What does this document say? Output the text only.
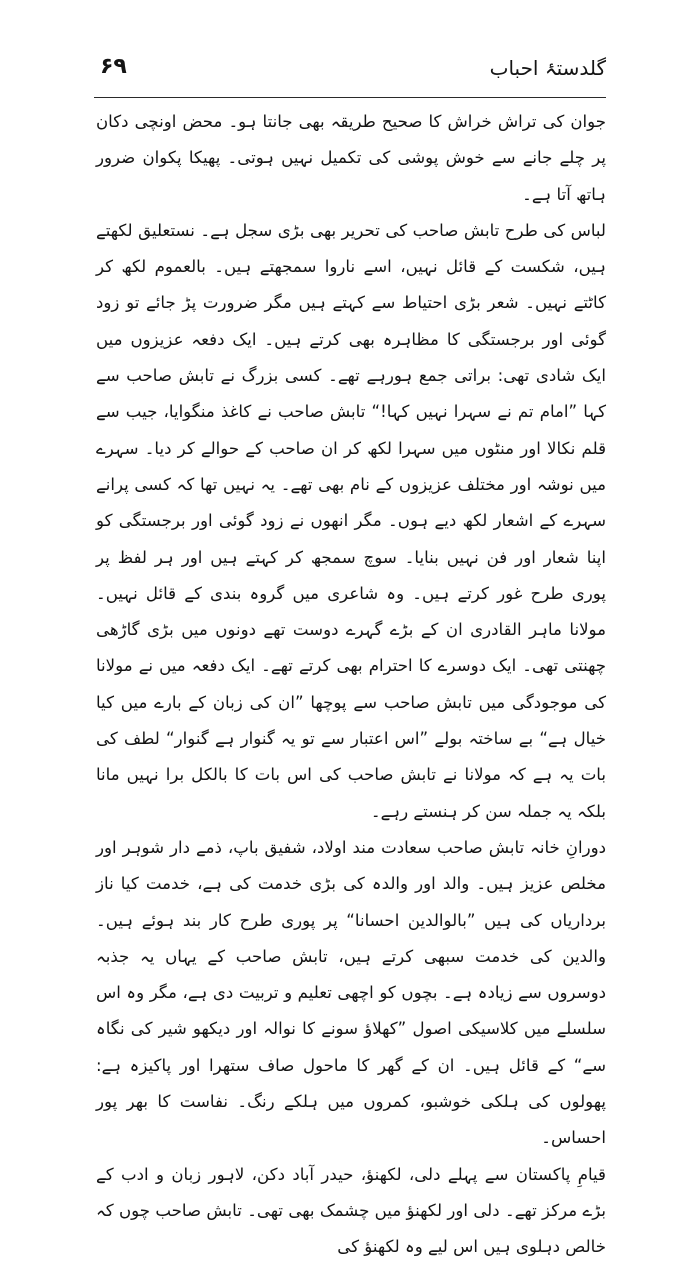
گلدستۂ احباب
۶۹

جوان کی تراش خراش کا صحیح طریقہ بھی جانتا ہو۔ محض اونچی دکان پر چلے جانے سے خوش پوشی کی تکمیل نہیں ہوتی۔ پھیکا پکوان ضرور ہاتھ آتا ہے۔

لباس کی طرح تابش صاحب کی تحریر بھی بڑی سجل ہے۔ نستعلیق لکھتے ہیں، شکست کے قائل نہیں، اسے ناروا سمجھتے ہیں۔ بالعموم لکھ کر کاٹتے نہیں۔ شعر بڑی احتیاط سے کہتے ہیں مگر ضرورت پڑ جائے تو زود گوئی اور برجستگی کا مظاہرہ بھی کرتے ہیں۔ ایک دفعہ عزیزوں میں ایک شادی تھی: براتی جمع ہورہے تھے۔ کسی بزرگ نے تابش صاحب سے کہا ”امام تم نے سہرا نہیں کہا!“ تابش صاحب نے کاغذ منگوایا، جیب سے قلم نکالا اور منٹوں میں سہرا لکھ کر ان صاحب کے حوالے کر دیا۔ سہرے میں نوشہ اور مختلف عزیزوں کے نام بھی تھے۔ یہ نہیں تھا کہ کسی پرانے سہرے کے اشعار لکھ دیے ہوں۔ مگر انھوں نے زود گوئی اور برجستگی کو اپنا شعار اور فن نہیں بنایا۔ سوچ سمجھ کر کہتے ہیں اور ہر لفظ پر پوری طرح غور کرتے ہیں۔ وہ شاعری میں گروہ بندی کے قائل نہیں۔ مولانا ماہر القادری ان کے بڑے گہرے دوست تھے دونوں میں بڑی گاڑھی چھنتی تھی۔ ایک دوسرے کا احترام بھی کرتے تھے۔ ایک دفعہ میں نے مولانا کی موجودگی میں تابش صاحب سے پوچھا ”ان کی زبان کے بارے میں کیا خیال ہے“ بے ساختہ بولے ”اس اعتبار سے تو یہ گنوار ہے گنوار“ لطف کی بات یہ ہے کہ مولانا نے تابش صاحب کی اس بات کا بالکل برا نہیں مانا بلکہ یہ جملہ سن کر ہنستے رہے۔

دورانِ خانہ تابش صاحب سعادت مند اولاد، شفیق باپ، ذمے دار شوہر اور مخلص عزیز ہیں۔ والد اور والدہ کی بڑی خدمت کی ہے، خدمت کیا ناز برداریاں کی ہیں ”بالوالدین احسانا“ پر پوری طرح کار بند ہوئے ہیں۔ والدین کی خدمت سبھی کرتے ہیں، تابش صاحب کے یہاں یہ جذبہ دوسروں سے زیادہ ہے۔ بچوں کو اچھی تعلیم و تربیت دی ہے، مگر وہ اس سلسلے میں کلاسیکی اصول ”کھلاؤ سونے کا نوالہ اور دیکھو شیر کی نگاہ سے“ کے قائل ہیں۔ ان کے گھر کا ماحول صاف ستھرا اور پاکیزہ ہے: پھولوں کی ہلکی خوشبو، کمروں میں ہلکے رنگ۔ نفاست کا بھر پور احساس۔

قیامِ پاکستان سے پہلے دلی، لکھنؤ، حیدر آباد دکن، لاہور زبان و ادب کے بڑے مرکز تھے۔ دلی اور لکھنؤ میں چشمک بھی تھی۔ تابش صاحب چوں کہ خالص دہلوی ہیں اس لیے وہ لکھنؤ کی
